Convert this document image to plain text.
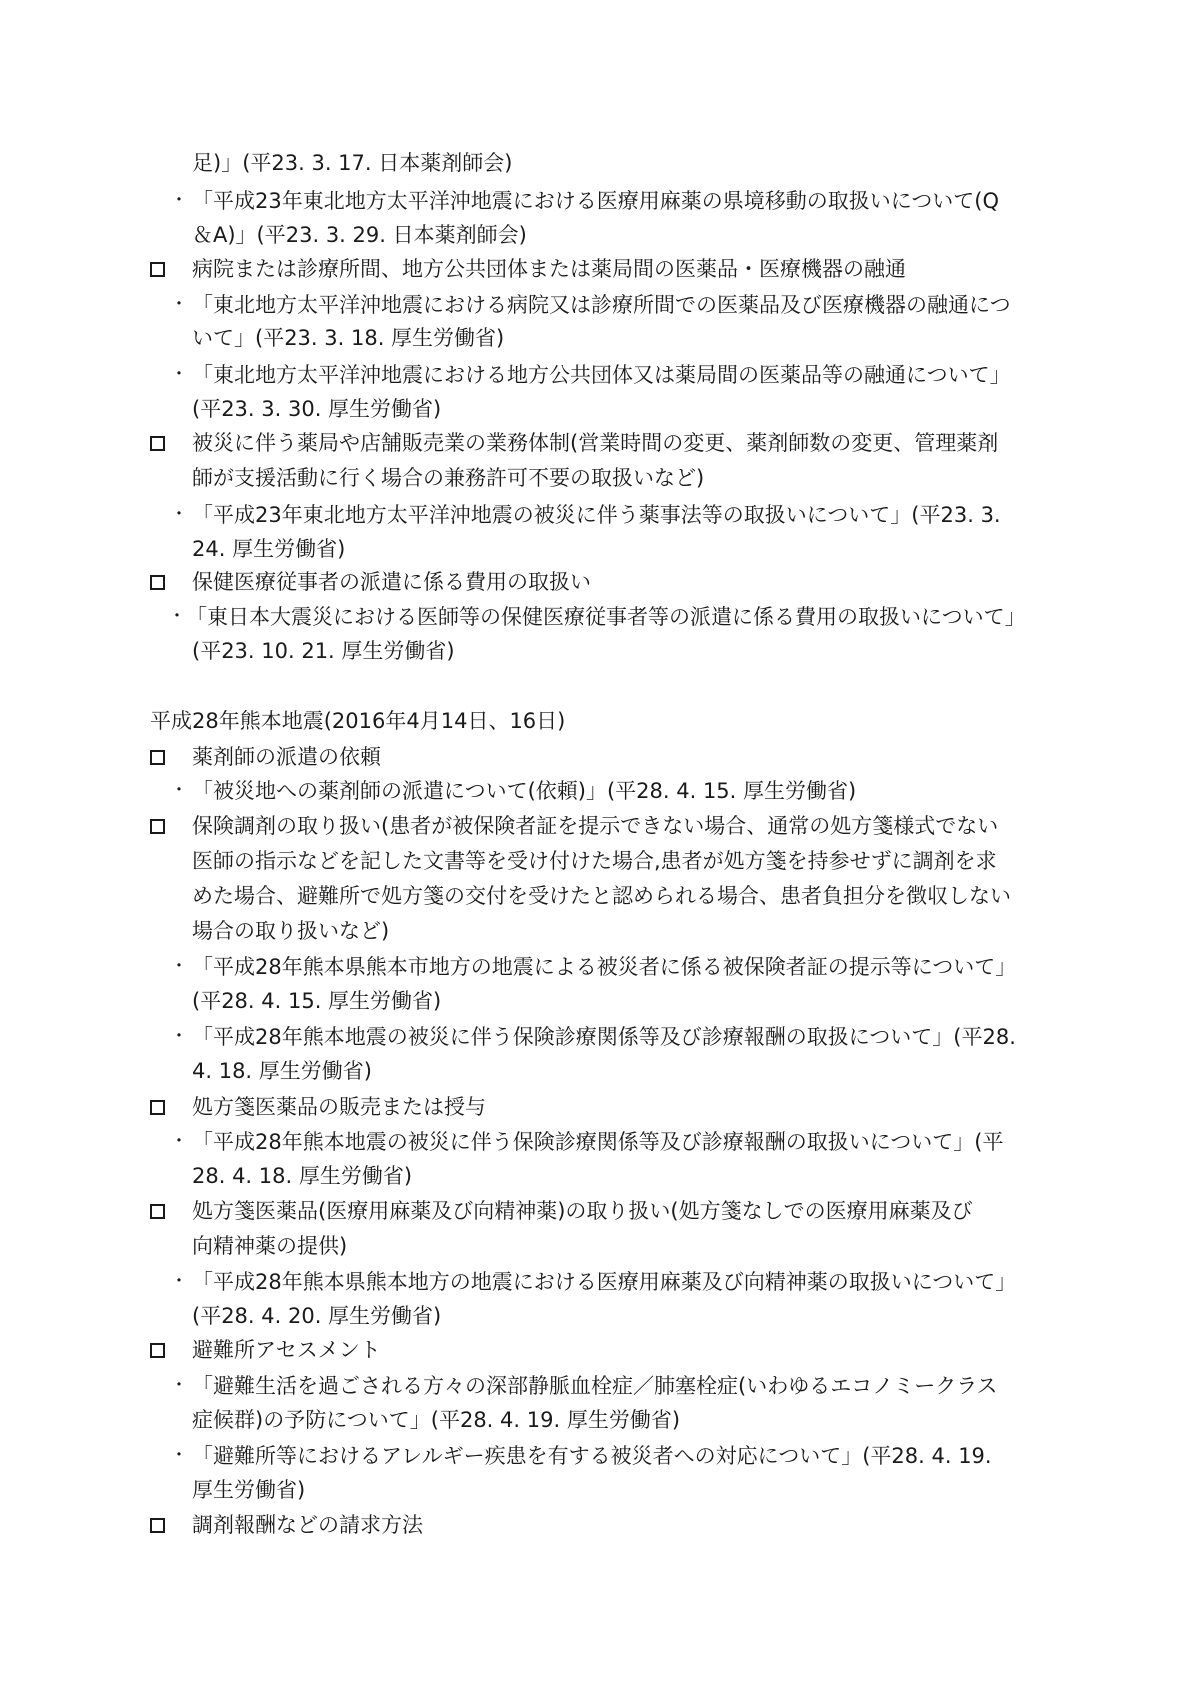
足)」(平23. 3. 17. 日本薬剤師会)
・ 「平成23年東北地方太平洋沖地震における医療用麻薬の県境移動の取扱いについて(Q
＆A)」(平23. 3. 29. 日本薬剤師会)
病院または診療所間、地方公共団体または薬局間の医薬品・医療機器の融通
・ 「東北地方太平洋沖地震における病院又は診療所間での医薬品及び医療機器の融通につ
いて」(平23. 3. 18. 厚生労働省)
・ 「東北地方太平洋沖地震における地方公共団体又は薬局間の医薬品等の融通について」
(平23. 3. 30. 厚生労働省)
被災に伴う薬局や店舗販売業の業務体制(営業時間の変更、薬剤師数の変更、管理薬剤
師が支援活動に行く場合の兼務許可不要の取扱いなど)
・ 「平成23年東北地方太平洋沖地震の被災に伴う薬事法等の取扱いについて」(平23. 3.
24. 厚生労働省)
保健医療従事者の派遣に係る費用の取扱い
・ 「東日本大震災における医師等の保健医療従事者等の派遣に係る費用の取扱いについて」
(平23. 10. 21. 厚生労働省)
平成28年熊本地震(2016年4月14日、16日)
薬剤師の派遣の依頼
・ 「被災地への薬剤師の派遣について(依頼)」(平28. 4. 15. 厚生労働省)
保険調剤の取り扱い(患者が被保険者証を提示できない場合、通常の処方箋様式でない
医師の指示などを記した文書等を受け付けた場合,患者が処方箋を持参せずに調剤を求
めた場合、避難所で処方箋の交付を受けたと認められる場合、患者負担分を徴収しない
場合の取り扱いなど)
・ 「平成28年熊本県熊本市地方の地震による被災者に係る被保険者証の提示等について」
(平28. 4. 15. 厚生労働省)
・ 「平成28年熊本地震の被災に伴う保険診療関係等及び診療報酬の取扱について」(平28.
4. 18. 厚生労働省)
処方箋医薬品の販売または授与
・ 「平成28年熊本地震の被災に伴う保険診療関係等及び診療報酬の取扱いについて」(平
28. 4. 18. 厚生労働省)
処方箋医薬品(医療用麻薬及び向精神薬)の取り扱い(処方箋なしでの医療用麻薬及び
向精神薬の提供)
・ 「平成28年熊本県熊本地方の地震における医療用麻薬及び向精神薬の取扱いについて」
(平28. 4. 20. 厚生労働省)
避難所アセスメント
・ 「避難生活を過ごされる方々の深部静脈血栓症／肺塞栓症(いわゆるエコノミークラス
症候群)の予防について」(平28. 4. 19. 厚生労働省)
・ 「避難所等におけるアレルギー疾患を有する被災者への対応について」(平28. 4. 19.
厚生労働省)
調剤報酬などの請求方法
